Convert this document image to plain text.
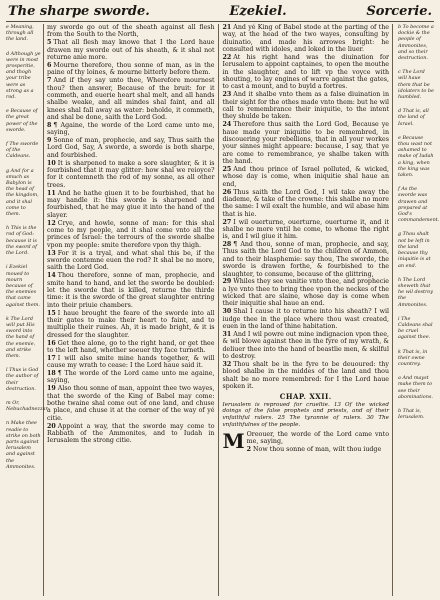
The sharpe sworde.	Ezekiel.	Sorcerie.
e Meaning, through all the land.
d Although ye were in most prosperitie, and thogh your tribe were as strong as a rod.
e Because of the great power of the sworde.
f The sworde of the Caldeans.
g And for a smuch as Babylon is the head of the kingdom, and it shal come to them.
h This is the rod of God: because it is the sword of the Lord.
i Ezekiel moued to mourn because of the enemies that came against them.
k The Lord will put His sword into the hand of the enemie, and strike them.
l Thus is God the author of their destruction.
m Or, Nebuchadnezzar.
n Make thee readie to strike on both parts against Ierusalem and against the Ammonites.

my sworde go out of the sheath against all flesh from the South to the North,

5 That all flesh may knowe that I the Lord haue drawen my sworde out of his sheath, & it shal not returne anie more.

6 Mourne therefore, thou sonne of man, as in the paine of thy loines, & mourne bitterly before them.

7 And if they say unto thee, Wherefore mournest thou? then answer, Because of the bruit: for it commeth, and euerie heart shal melt, and all hands shalbe weake, and all mindes shal faint, and all knees shal fall away as water: beholde, it commeth, and shal be done, saith the Lord God.

8 ¶ Againe, the worde of the Lord came unto me, saying,

9 Sonne of man, prophecie, and say, Thus saith the Lord God, Say, A sworde, a sworde is both sharpe, and fourbished.

10 It is sharpened to make a sore slaughter, & it is fourbished that it may glitter: how shal we reioyce? for it contemneth the rod of my sonne, as all other trees.

11 And he hathe giuen it to be fourbished, that he may handle it: this sworde is sharpened and fourbished, that he may giue it into the hand of the slayer.

12 Crye, and howle, sonne of man: for this shal come to my people, and it shal come vnto all the princes of Israel: the terrours of the sworde shalbe vpon my people: smite therefore vpon thy thigh.

13 For it is a tryal, and what shal this be, if the sworde contemne euen the rod? It shal be no more, saith the Lord God.

14 Thou therefore, sonne of man, prophecie, and smite hand to hand, and let the sworde be doubled: let the sworde that is killed, returne the thirde time: it is the sworde of the great slaughter entring into their priuie chambers.

15 I haue brought the feare of the sworde into all their gates to make their heart to faint, and to multiplie their ruines. Ah, it is made bright, & it is dressed for the slaughter.

16 Get thee alone, go to the right hand, or get thee to the left hand, whether soeuer thy face turneth.

17 I will also smite mine hands together, & will cause my wrath to cease: I the Lord haue said it.

18 ¶ The worde of the Lord came unto me againe, saying,

19 Also thou sonne of man, appoint thee two wayes, that the sworde of the King of Babel may come: bothe twaine shal come out of one land, and chuse a place, and chuse it at the corner of the way of yé citie.

20 Appoint a way, that the sworde may come to Rabbath of the Ammonites, and to Iudah in Ierusalem the strong citie.

21 And yé King of Babel stode at the parting of the way, at the head of the two wayes, consulting by diuinatio, and made his arrowes bright: he consulted with idoles, and loked in the liuer.

22 At his right hand was the diuination for Ierusalem to appoint captaines, to open the mouthe in the slaughter, and to lift vp the voyce with shouting, to lay engines of warre against the gates, to cast a mount, and to buyld a fortres.

23 And it shalbe vnto them as a false diuination in their sight for the othes made vnto them: but he wil call to remembrance their iniquitie, to the intent they shulde be taken.

24 Therefore thus saith the Lord God, Because ye haue made your iniquitie to be remembred, in discouering your rebellions, that in all your workes your sinnes might appeare: because, I say, that ye are come to remembrance, ye shalbe taken with the hand.

25 And thou prince of Israel polluted, & wicked, whose day is come, when iniquitie shal haue an end,

26 Thus saith the Lord God, I wil take away the diademe, & take of the crowne: this shalbe no more the same: I wil exalt the humble, and wil abase him that is hie.

27 I wil ouerturne, ouerturne, ouerturne it, and it shalbe no more vntil he come, to whome the right is, and I wil giue it him.

28 ¶ And thou, sonne of man, prophecie, and say, Thus saith the Lord God to the children of Ammon, and to their blasphemie: say thou, The sworde, the sworde is drawen forthe, & fourbished to the slaughter, to consume, because of the glittring,

29 Whiles they see vanitie vnto thee, and prophecie a lye vnto thee to bring thee vpon the neckes of the wicked that are slaine, whose day is come when their iniquitie shal haue an end.

30 Shal I cause it to returne into his sheath? I wil iudge thee in the place where thou wast created, euen in the land of thine habitation.

31 And I wil powre out mine indignacion vpon thee, & wil blowe against thee in the fyre of my wrath, & deliuer thee into the hand of beastlie men, & skilful to destroy.

32 Thou shalt be in the fyre to be deuoured: thy blood shalbe in the middes of the land and thou shalt be no more remembred: for I the Lord haue spoken it.

CHAP. XXII.
Ierusalem is reproued for crueltie. 13 Of the wicked doings of the false prophets and priests, and of their vnfaithful rulers. 25 The tyrannie of rulers. 30 The vnfaithfulnes of the people.
M Oreouer, the worde of the Lord came vnto me, saying,

2 Now thou sonne of man, wilt thou iudge

b To become a dockie & the people of Ammonites, and so their destruction.
c The Lord will haue them that be idolaters to be humbled.
d That is, all the land of Israel.
e Because thou wast not ashamed to make of Iudah a king, when the king was taken.
f As the sworde was drawen and prepared at God's commandement.
g Thou shalt not be left in the land because thy iniquitie is at an end.
h The Lord sheweth that he wil destroy the Ammonites.
i The Caldeans shal be cruel against thee.
k That is, in their owne countrey.
a And mayst make them to see their abominations.
b That is, Ierusalem.
